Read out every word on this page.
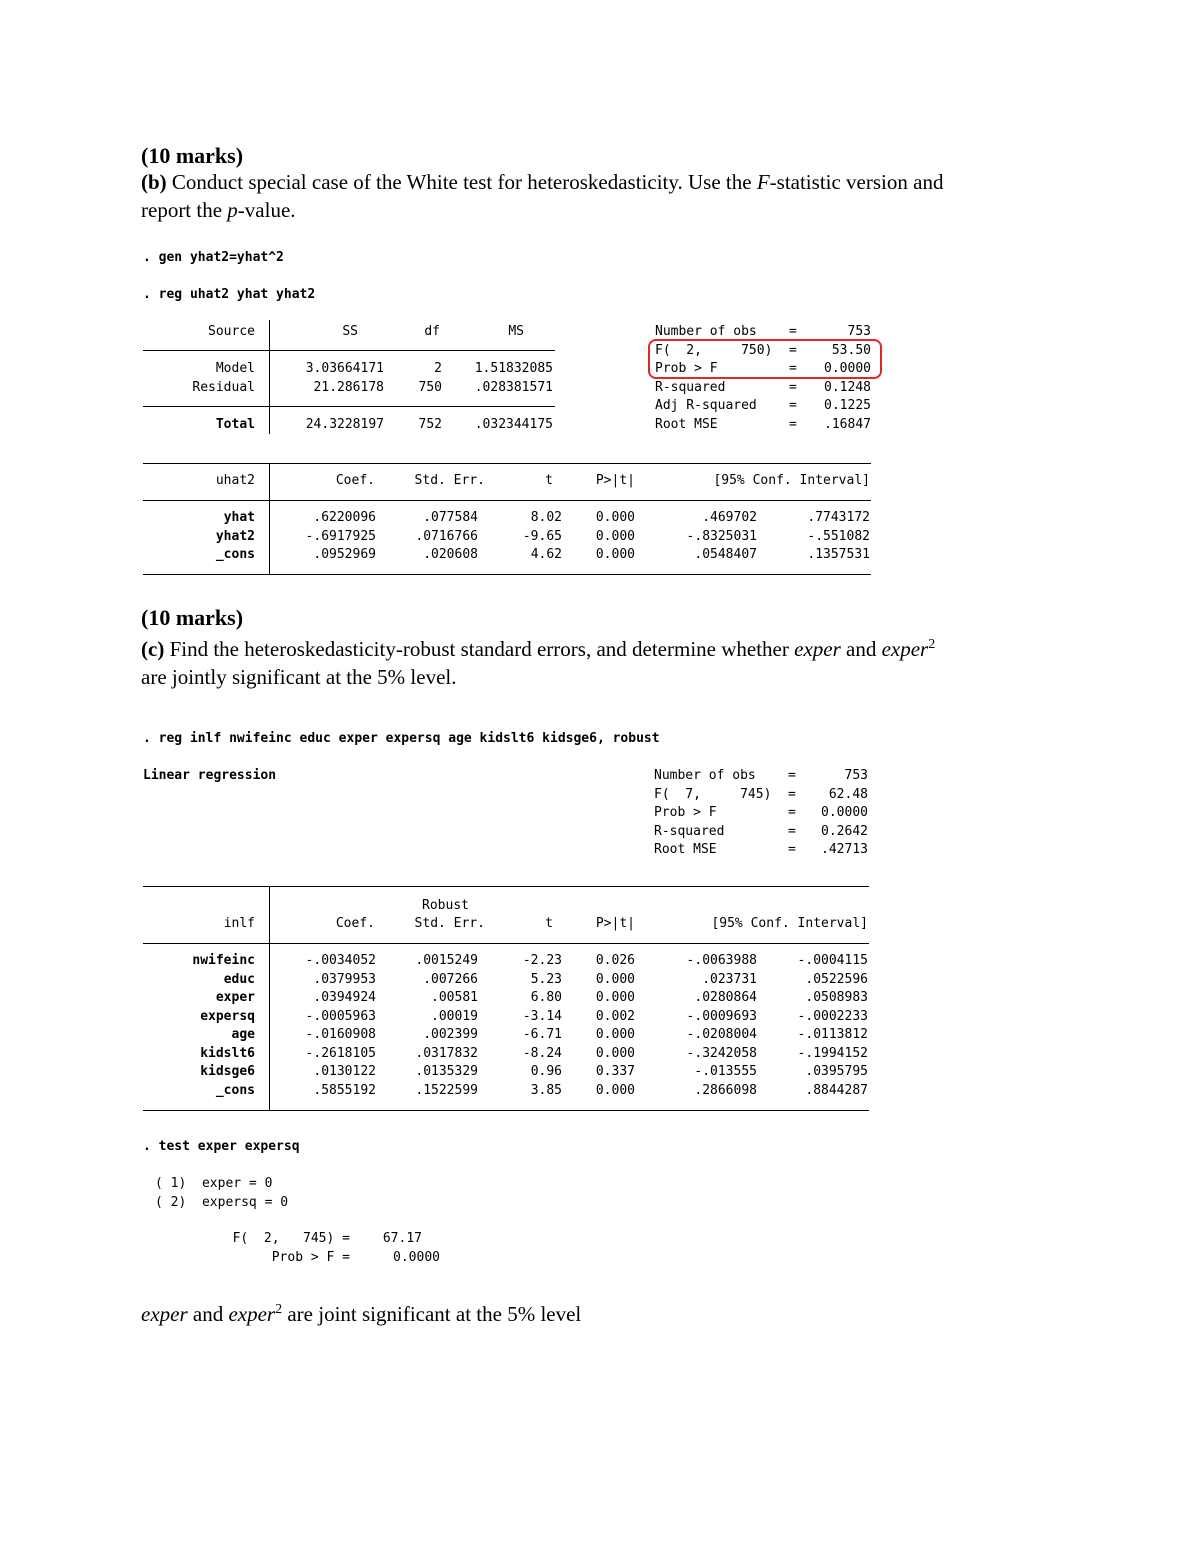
(10 marks)
(b) Conduct special case of the White test for heteroskedasticity. Use the F-statistic version and
report the p-value.
. gen yhat2=yhat^2
. reg uhat2 yhat yhat2
Source	SS	df	MS
Model	3.03664171	2	1.51832085
Residual	21.286178	750	.028381571
Total	24.3228197	752	.032344175

Number of obs =	753

F(  2,     750) =	53.50

Prob > F	= 0.0000

R-squared	= 0.1248

Adj R-squared = 0.1225

Root MSE	= .16847

uhat2	Coef.	Std. Err.	t	P>|t|	[95% Conf. Interval]
yhat	.6220096	.077584	8.02	0.000	.469702	.7743172
yhat2	-.6917925	.0716766	-9.65	0.000	-.8325031	-.551082
_cons	.0952969	.020608	4.62	0.000	.0548407	.1357531
(10 marks)
(c) Find the heteroskedasticity-robust standard errors, and determine whether exper and exper$^2$
are jointly significant at the 5% level.
. reg inlf nwifeinc educ exper expersq age kidslt6 kidsge6, robust
Linear regression

	Number of obs =	753

F(  7,     745) =	62.48

Prob > F	= 0.0000

R-squared	= 0.2642

Root MSE	= .42713

Robust
inlf	Coef.	Std. Err.	t	P>|t|	[95% Conf. Interval]
nwifeinc	-.0034052	.0015249	-2.23	0.026	-.0063988	-.0004115
educ	.0379953	.007266	5.23	0.000	.023731	.0522596
exper	.0394924	.00581	6.80	0.000	.0280864	.0508983
expersq	-.0005963	.00019	-3.14	0.002	-.0009693	-.0002233
age	-.0160908	.002399	-6.71	0.000	-.0208004	-.0113812
kidslt6	-.2618105	.0317832	-8.24	0.000	-.3242058	-.1994152
kidsge6	.0130122	.0135329	0.96	0.337	-.013555	.0395795
_cons	.5855192	.1522599	3.85	0.000	.2866098	.8844287
. test exper expersq
( 1)  exper = 0
( 2)  expersq = 0
F(  2,   745) =	67.17
Prob > F =	0.0000
exper and exper$^2$ are joint significant at the 5% level
